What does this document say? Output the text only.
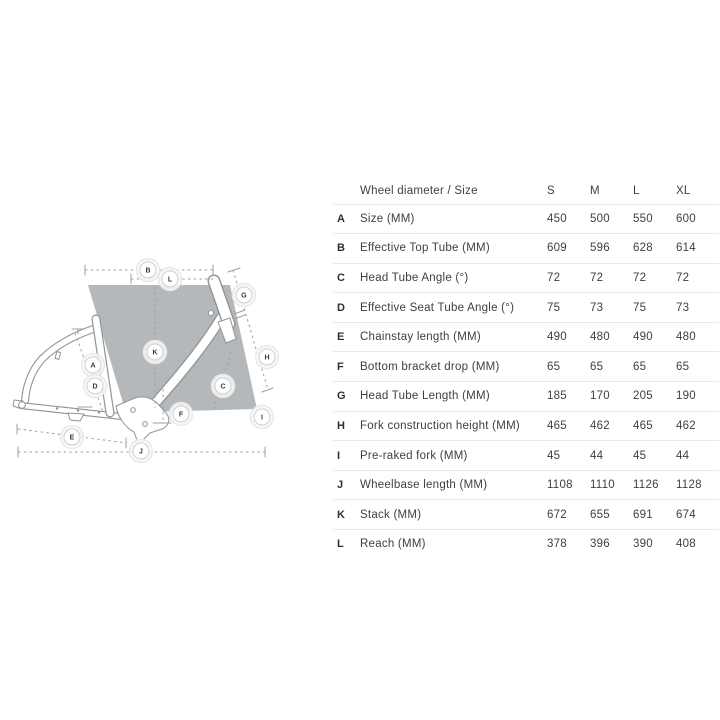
A
B
C
D
E
F
G
H
I
J
K
L
Wheel diameter / Size	S	M	L	XL
A	Size (MM)	450	500	550	600
B	Effective Top Tube (MM)	609	596	628	614
C	Head Tube Angle (°)	72	72	72	72
D	Effective Seat Tube Angle (°)	75	73	75	73
E	Chainstay length (MM)	490	480	490	480
F	Bottom bracket drop (MM)	65	65	65	65
G	Head Tube Length (MM)	185	170	205	190
H	Fork construction height (MM)	465	462	465	462
I	Pre-raked fork (MM)	45	44	45	44
J	Wheelbase length (MM)	1108	1110	1126	1128
K	Stack (MM)	672	655	691	674
L	Reach (MM)	378	396	390	408
